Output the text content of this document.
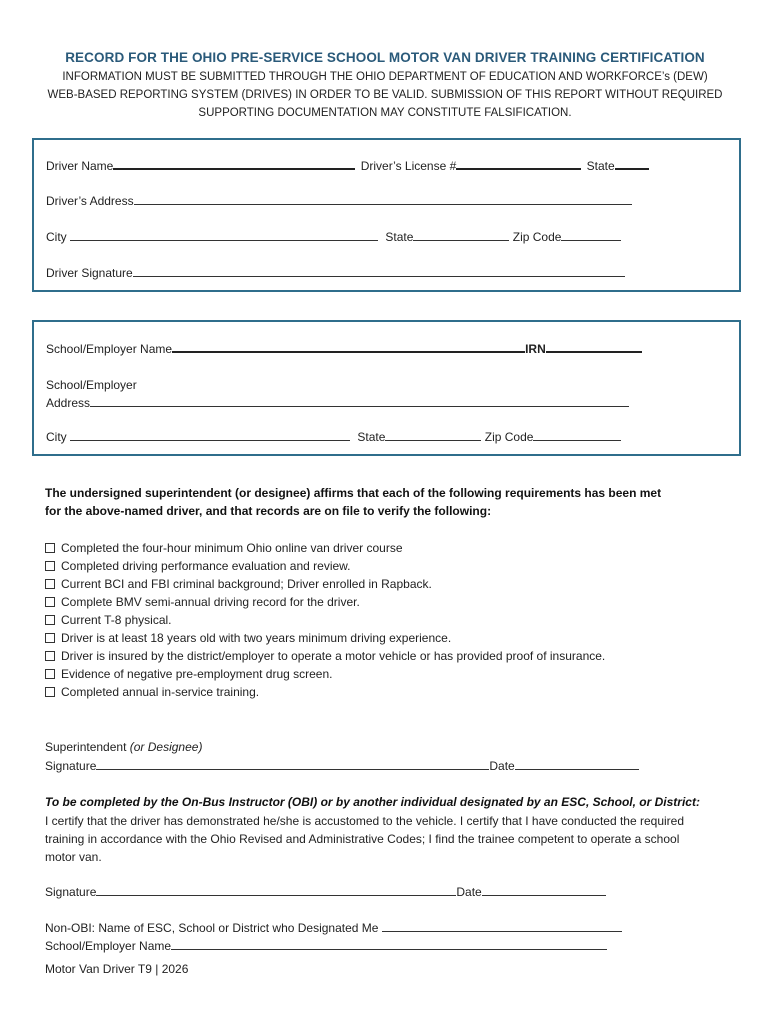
RECORD FOR THE OHIO PRE-SERVICE SCHOOL MOTOR VAN DRIVER TRAINING CERTIFICATION
INFORMATION MUST BE SUBMITTED THROUGH THE OHIO DEPARTMENT OF EDUCATION AND WORKFORCE’s (DEW)
WEB-BASED REPORTING SYSTEM (DRIVES) IN ORDER TO BE VALID. SUBMISSION OF THIS REPORT WITHOUT REQUIRED
SUPPORTING DOCUMENTATION MAY CONSTITUTE FALSIFICATION.
Driver Name	Driver’s License #	State
Driver’s Address
City	State	Zip Code
Driver Signature
School/Employer Name	IRN
School/Employer
Address
City	State	Zip Code
The undersigned superintendent (or designee) affirms that each of the following requirements has been met
for the above-named driver, and that records are on file to verify the following:
Completed the four-hour minimum Ohio online van driver course
Completed driving performance evaluation and review.
Current BCI and FBI criminal background; Driver enrolled in Rapback.
Complete BMV semi-annual driving record for the driver.
Current T-8 physical.
Driver is at least 18 years old with two years minimum driving experience.
Driver is insured by the district/employer to operate a motor vehicle or has provided proof of insurance.
Evidence of negative pre-employment drug screen.
Completed annual in-service training.
Superintendent (or Designee)
Signature	Date
To be completed by the On-Bus Instructor (OBI) or by another individual designated by an ESC, School, or District:
I certify that the driver has demonstrated he/she is accustomed to the vehicle. I certify that I have conducted the required
training in accordance with the Ohio Revised and Administrative Codes; I find the trainee competent to operate a school
motor van.
Signature	Date
Non-OBI: Name of ESC, School or District who Designated Me
School/Employer Name
Motor Van Driver T9 | 2026
